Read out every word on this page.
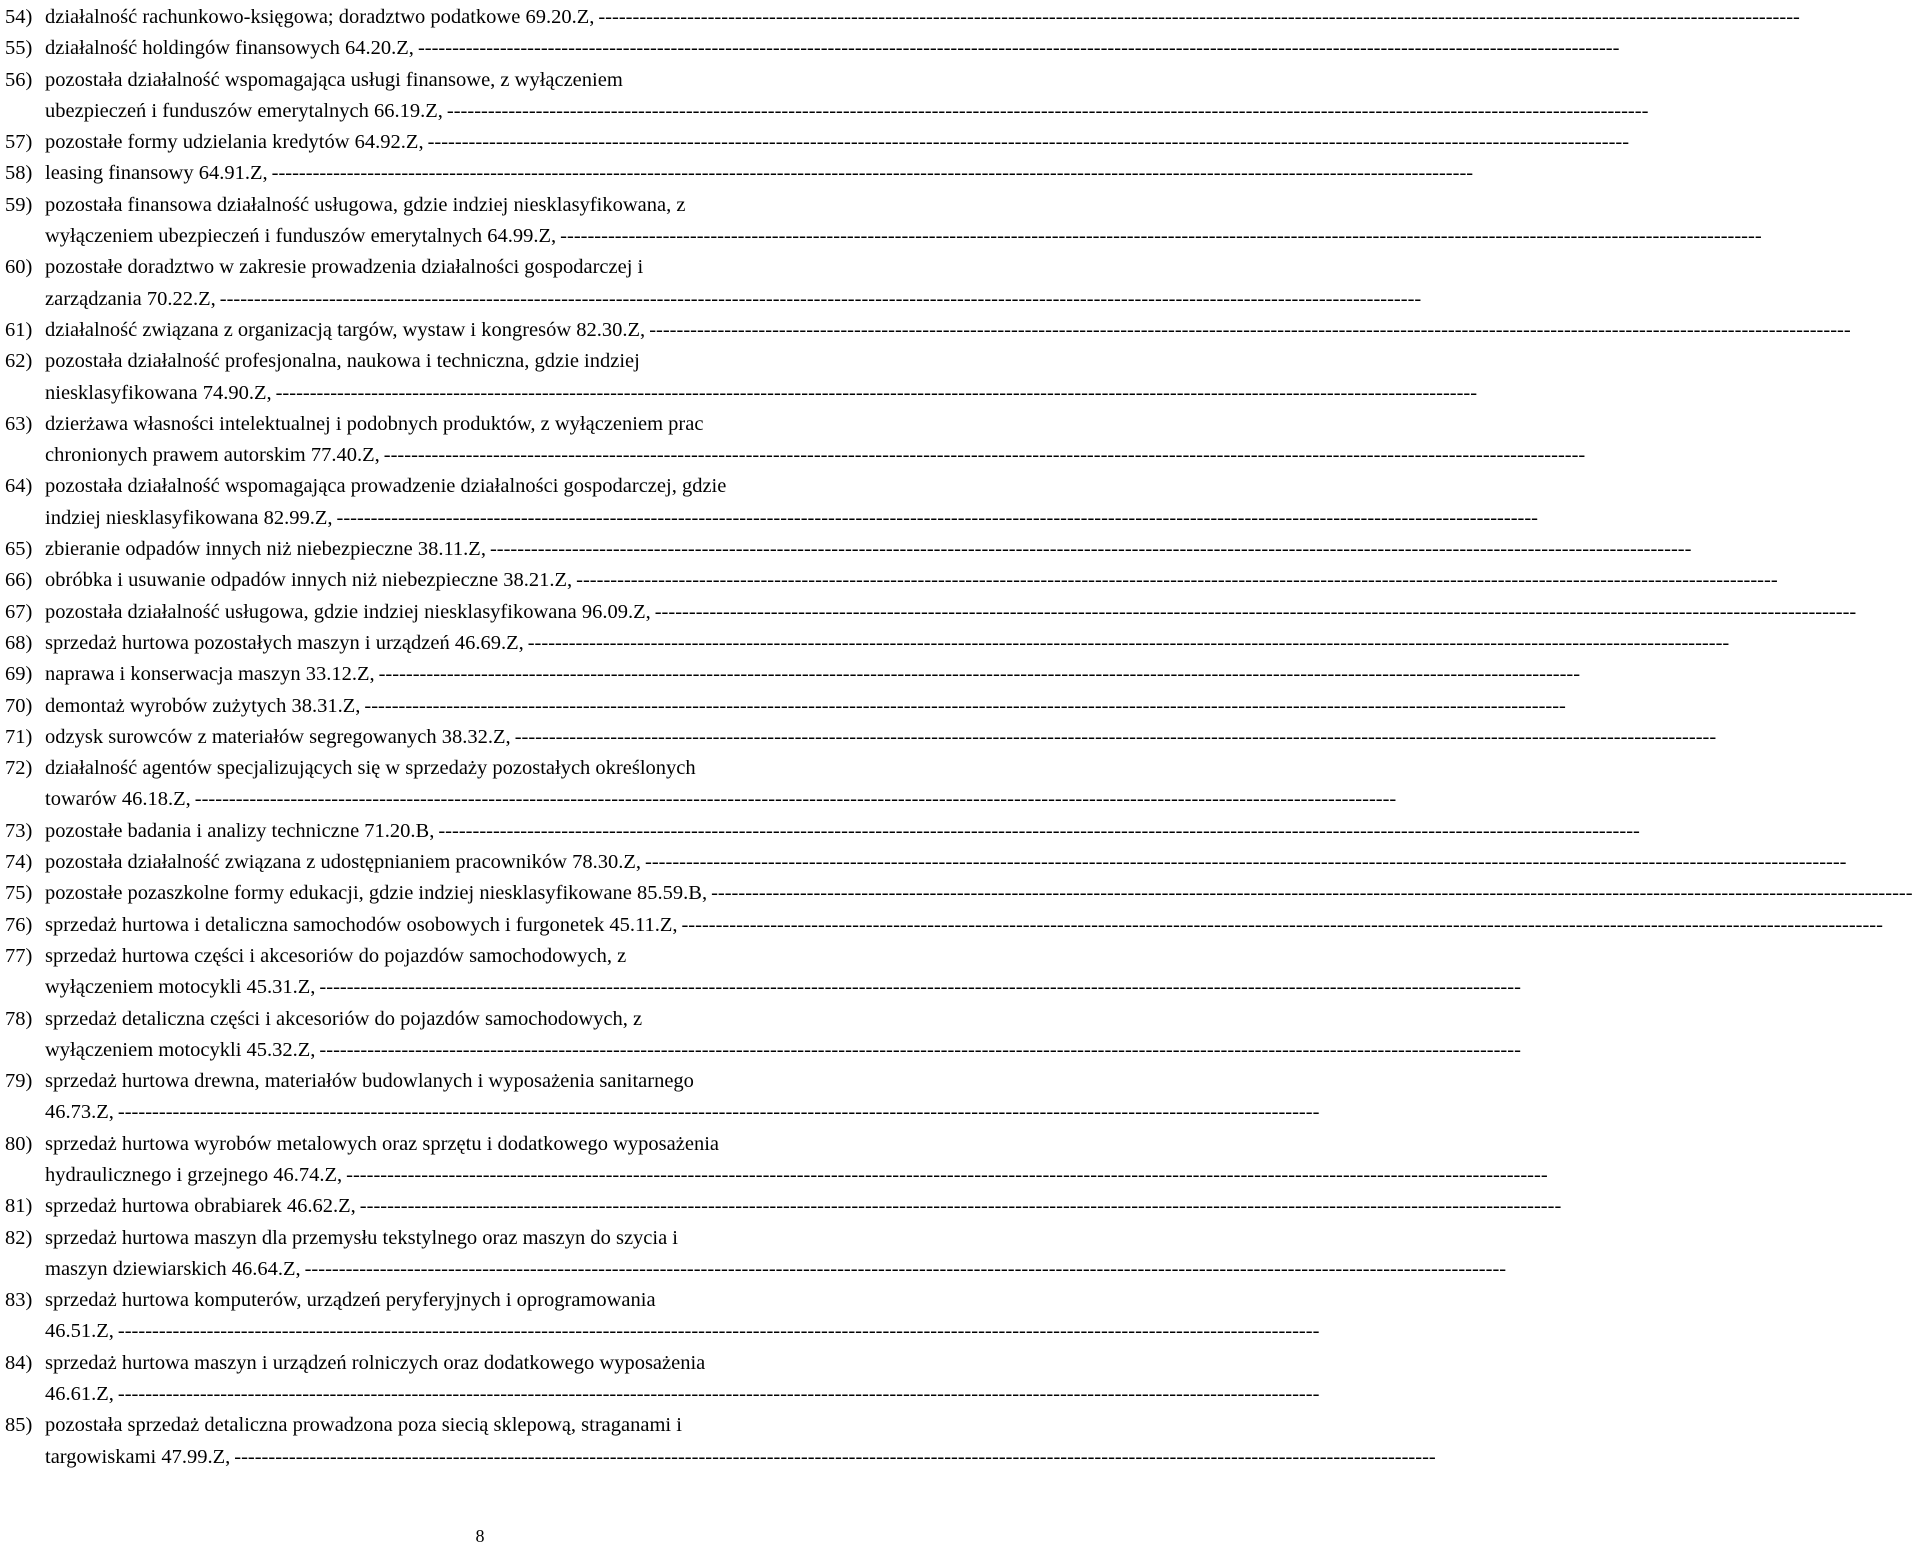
54) działalność rachunkowo-księgowa; doradztwo podatkowe 69.20.Z, --------------------------------------------------------------------------------------------------------------------------------------------------------------------------------
55) działalność holdingów finansowych 64.20.Z, --------------------------------------------------------------------------------------------------------------------------------------------------------------------------------
56) pozostała działalność wspomagająca usługi finansowe, z wyłączeniem
ubezpieczeń i funduszów emerytalnych 66.19.Z, --------------------------------------------------------------------------------------------------------------------------------------------------------------------------------
57) pozostałe formy udzielania kredytów 64.92.Z, --------------------------------------------------------------------------------------------------------------------------------------------------------------------------------
58) leasing finansowy 64.91.Z, --------------------------------------------------------------------------------------------------------------------------------------------------------------------------------
59) pozostała finansowa działalność usługowa, gdzie indziej niesklasyfikowana, z
wyłączeniem ubezpieczeń i funduszów emerytalnych 64.99.Z, --------------------------------------------------------------------------------------------------------------------------------------------------------------------------------
60) pozostałe doradztwo w zakresie prowadzenia działalności gospodarczej i
zarządzania 70.22.Z, --------------------------------------------------------------------------------------------------------------------------------------------------------------------------------
61) działalność związana z organizacją targów, wystaw i kongresów 82.30.Z, --------------------------------------------------------------------------------------------------------------------------------------------------------------------------------
62) pozostała działalność profesjonalna, naukowa i techniczna, gdzie indziej
niesklasyfikowana 74.90.Z, --------------------------------------------------------------------------------------------------------------------------------------------------------------------------------
63) dzierżawa własności intelektualnej i podobnych produktów, z wyłączeniem prac
chronionych prawem autorskim 77.40.Z, --------------------------------------------------------------------------------------------------------------------------------------------------------------------------------
64) pozostała działalność wspomagająca prowadzenie działalności gospodarczej, gdzie
indziej niesklasyfikowana 82.99.Z, --------------------------------------------------------------------------------------------------------------------------------------------------------------------------------
65) zbieranie odpadów innych niż niebezpieczne 38.11.Z, --------------------------------------------------------------------------------------------------------------------------------------------------------------------------------
66) obróbka i usuwanie odpadów innych niż niebezpieczne 38.21.Z, --------------------------------------------------------------------------------------------------------------------------------------------------------------------------------
67) pozostała działalność usługowa, gdzie indziej niesklasyfikowana 96.09.Z, --------------------------------------------------------------------------------------------------------------------------------------------------------------------------------
68) sprzedaż hurtowa pozostałych maszyn i urządzeń 46.69.Z, --------------------------------------------------------------------------------------------------------------------------------------------------------------------------------
69) naprawa i konserwacja maszyn 33.12.Z, --------------------------------------------------------------------------------------------------------------------------------------------------------------------------------
70) demontaż wyrobów zużytych 38.31.Z, --------------------------------------------------------------------------------------------------------------------------------------------------------------------------------
71) odzysk surowców z materiałów segregowanych 38.32.Z, --------------------------------------------------------------------------------------------------------------------------------------------------------------------------------
72) działalność agentów specjalizujących się w sprzedaży pozostałych określonych
towarów 46.18.Z, --------------------------------------------------------------------------------------------------------------------------------------------------------------------------------
73) pozostałe badania i analizy techniczne 71.20.B, --------------------------------------------------------------------------------------------------------------------------------------------------------------------------------
74) pozostała działalność związana z udostępnianiem pracowników 78.30.Z, --------------------------------------------------------------------------------------------------------------------------------------------------------------------------------
75) pozostałe pozaszkolne formy edukacji, gdzie indziej niesklasyfikowane 85.59.B, --------------------------------------------------------------------------------------------------------------------------------------------------------------------------------
76) sprzedaż hurtowa i detaliczna samochodów osobowych i furgonetek 45.11.Z, --------------------------------------------------------------------------------------------------------------------------------------------------------------------------------
77) sprzedaż hurtowa części i akcesoriów do pojazdów samochodowych, z
wyłączeniem motocykli 45.31.Z, --------------------------------------------------------------------------------------------------------------------------------------------------------------------------------
78) sprzedaż detaliczna części i akcesoriów do pojazdów samochodowych, z
wyłączeniem motocykli 45.32.Z, --------------------------------------------------------------------------------------------------------------------------------------------------------------------------------
79) sprzedaż hurtowa drewna, materiałów budowlanych i wyposażenia sanitarnego
46.73.Z, --------------------------------------------------------------------------------------------------------------------------------------------------------------------------------
80) sprzedaż hurtowa wyrobów metalowych oraz sprzętu i dodatkowego wyposażenia
hydraulicznego i grzejnego 46.74.Z, --------------------------------------------------------------------------------------------------------------------------------------------------------------------------------
81) sprzedaż hurtowa obrabiarek 46.62.Z, --------------------------------------------------------------------------------------------------------------------------------------------------------------------------------
82) sprzedaż hurtowa maszyn dla przemysłu tekstylnego oraz maszyn do szycia i
maszyn dziewiarskich 46.64.Z, --------------------------------------------------------------------------------------------------------------------------------------------------------------------------------
83) sprzedaż hurtowa komputerów, urządzeń peryferyjnych i oprogramowania
46.51.Z, --------------------------------------------------------------------------------------------------------------------------------------------------------------------------------
84) sprzedaż hurtowa maszyn i urządzeń rolniczych oraz dodatkowego wyposażenia
46.61.Z, --------------------------------------------------------------------------------------------------------------------------------------------------------------------------------
85) pozostała sprzedaż detaliczna prowadzona poza siecią sklepową, straganami i
targowiskami 47.99.Z, --------------------------------------------------------------------------------------------------------------------------------------------------------------------------------
8
